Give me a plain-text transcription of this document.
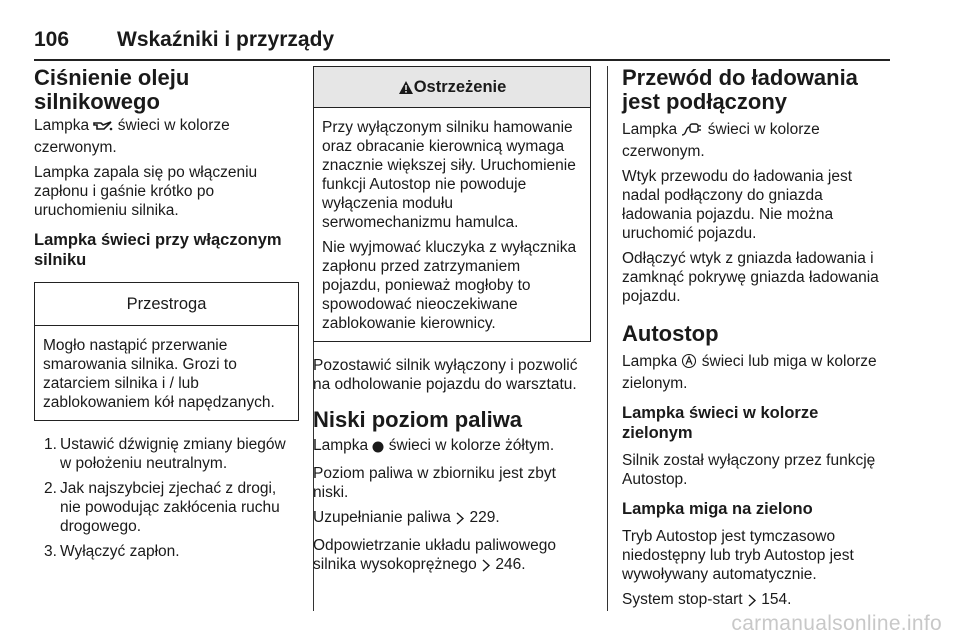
106 Wskaźniki i przyrządy
Ciśnienie oleju silnikowego

Lampka  świeci w kolorze czerwonym.

Lampka zapala się po włączeniu zapłonu i gaśnie krótko po uruchomieniu silnika.

Lampka świeci przy włączonym silniku
Przestroga

Mogło nastąpić przerwanie smarowania silnika. Grozi to zatarciem silnika i / lub zablokowaniem kół napędzanych.

1. Ustawić dźwignię zmiany biegów w położeniu neutralnym.
2. Jak najszybciej zjechać z drogi, nie powodując zakłócenia ruchu drogowego.
3. Wyłączyć zapłon.
Ostrzeżenie

Przy wyłączonym silniku hamowanie oraz obracanie kierownicą wymaga znacznie większej siły. Uruchomienie funkcji Autostop nie powoduje wyłączenia modułu serwomechanizmu hamulca.

Nie wyjmować kluczyka z wyłącznika zapłonu przed zatrzymaniem pojazdu, ponieważ mogłoby to spowodować nieoczekiwane zablokowanie kierownicy.

Pozostawić silnik wyłączony i pozwolić na odholowanie pojazdu do warsztatu.

Niski poziom paliwa

Lampka  świeci w kolorze żółtym.

Poziom paliwa w zbiorniku jest zbyt niski.

Uzupełnianie paliwa  229.

Odpowietrzanie układu paliwowego silnika wysokoprężnego  246.

Przewód do ładowania jest podłączony

Lampka  świeci w kolorze czerwonym.

Wtyk przewodu do ładowania jest nadal podłączony do gniazda ładowania pojazdu. Nie można uruchomić pojazdu.

Odłączyć wtyk z gniazda ładowania i zamknąć pokrywę gniazda ładowania pojazdu.

Autostop

Lampka  świeci lub miga w kolorze zielonym.

Lampka świeci w kolorze zielonym

Silnik został wyłączony przez funkcję Autostop.

Lampka miga na zielono

Tryb Autostop jest tymczasowo niedostępny lub tryb Autostop jest wywoływany automatycznie.

System stop-start  154.

carmanualsonline.info
